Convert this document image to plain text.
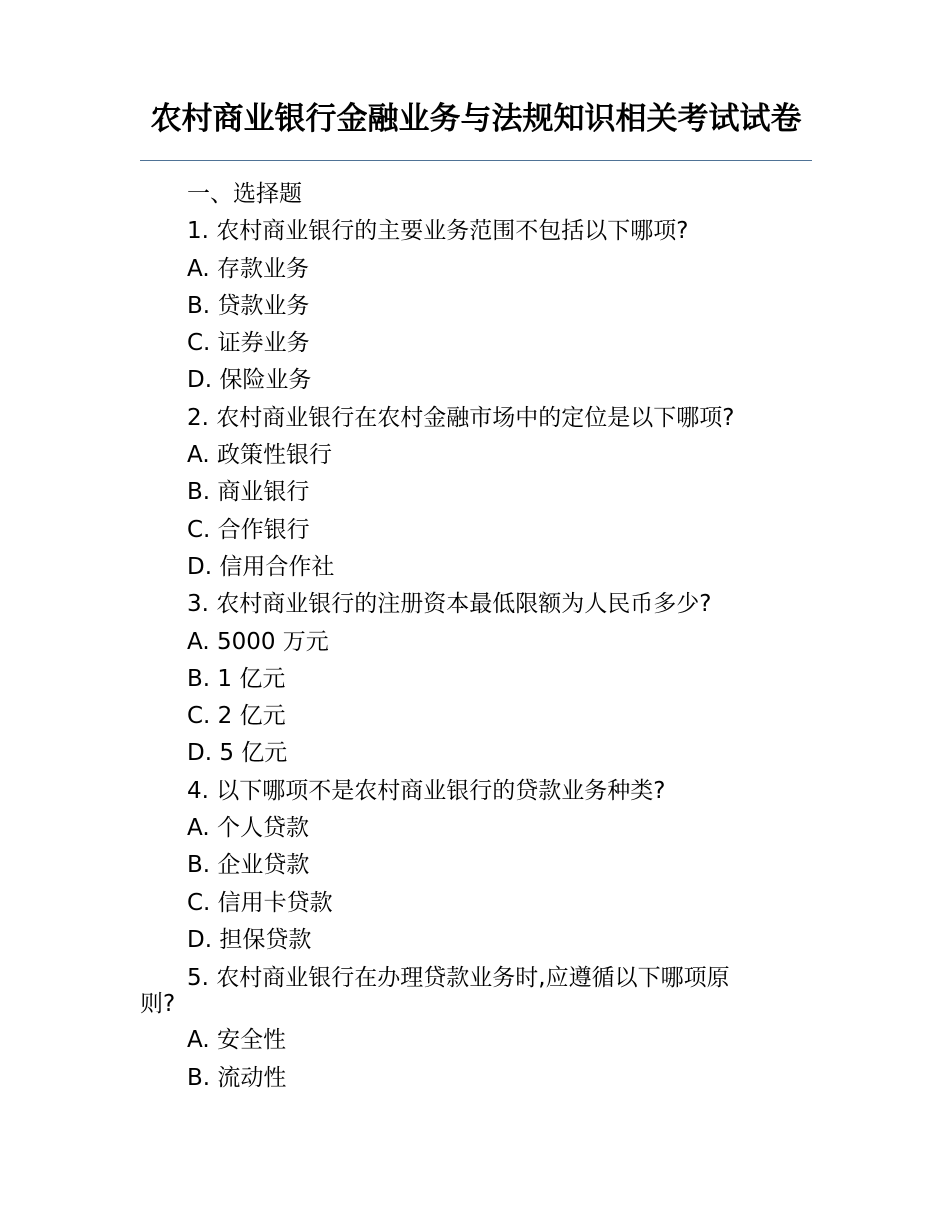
农村商业银行金融业务与法规知识相关考试试卷
一、选择题
1. 农村商业银行的主要业务范围不包括以下哪项?
A. 存款业务
B. 贷款业务
C. 证券业务
D. 保险业务
2. 农村商业银行在农村金融市场中的定位是以下哪项?
A. 政策性银行
B. 商业银行
C. 合作银行
D. 信用合作社
3. 农村商业银行的注册资本最低限额为人民币多少?
A. 5000 万元
B. 1 亿元
C. 2 亿元
D. 5 亿元
4. 以下哪项不是农村商业银行的贷款业务种类?
A. 个人贷款
B. 企业贷款
C. 信用卡贷款
D. 担保贷款
5. 农村商业银行在办理贷款业务时,应遵循以下哪项原
则?
A. 安全性
B. 流动性
